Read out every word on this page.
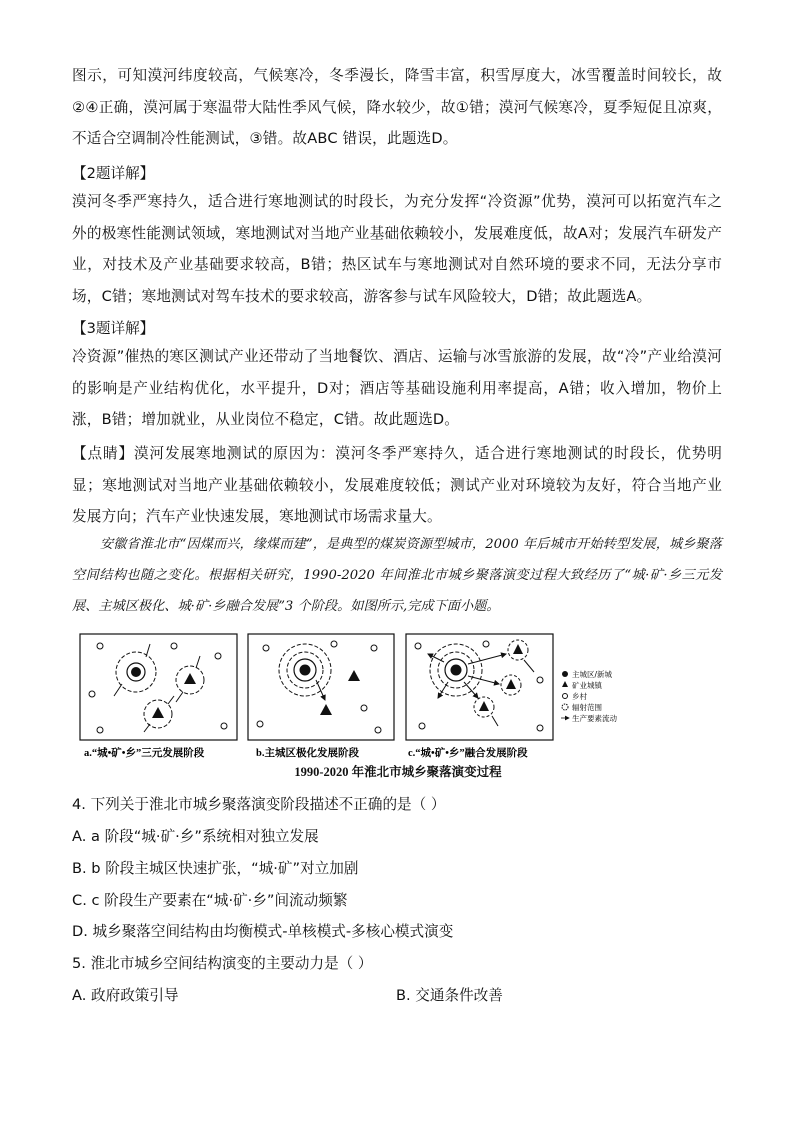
图示，可知漠河纬度较高，气候寒冷，冬季漫长，降雪丰富，积雪厚度大，冰雪覆盖时间较长，故②④正确，漠河属于寒温带大陆性季风气候，降水较少，故①错；漠河气候寒冷，夏季短促且凉爽，不适合空调制冷性能测试，③错。故ABC 错误，此题选D。

【2题详解】

漠河冬季严寒持久，适合进行寒地测试的时段长，为充分发挥“冷资源”优势，漠河可以拓宽汽车之外的极寒性能测试领域，寒地测试对当地产业基础依赖较小，发展难度低，故A对；发展汽车研发产业，对技术及产业基础要求较高，B错；热区试车与寒地测试对自然环境的要求不同，无法分享市场，C错；寒地测试对驾车技术的要求较高，游客参与试车风险较大，D错；故此题选A。

【3题详解】

冷资源”催热的寒区测试产业还带动了当地餐饮、酒店、运输与冰雪旅游的发展，故“冷”产业给漠河的影响是产业结构优化，水平提升，D对；酒店等基础设施利用率提高，A错；收入增加，物价上涨，B错；增加就业，从业岗位不稳定，C错。故此题选D。

【点睛】漠河发展寒地测试的原因为：漠河冬季严寒持久，适合进行寒地测试的时段长，优势明显；寒地测试对当地产业基础依赖较小，发展难度较低；测试产业对环境较为友好，符合当地产业发展方向；汽车产业快速发展，寒地测试市场需求量大。

安徽省淮北市“因煤而兴，缘煤而建”，是典型的煤炭资源型城市，2000 年后城市开始转型发展，城乡聚落空间结构也随之变化。根据相关研究，1990-2020 年间淮北市城乡聚落演变过程大致经历了“城·矿·乡三元发展、主城区极化、城·矿·乡融合发展”3 个阶段。如图所示,完成下面小题。

主城区/新城
矿业城镇
乡村
辐射范围
生产要素流动
a.“城•矿•乡”三元发展阶段	b.主城区极化发展阶段	c.“城•矿•乡”融合发展阶段

1990-2020 年淮北市城乡聚落演变过程

4. 下列关于淮北市城乡聚落演变阶段描述不正确的是（ ）

A. a 阶段“城·矿·乡”系统相对独立发展

B. b 阶段主城区快速扩张，“城·矿”对立加剧

C. c 阶段生产要素在“城·矿·乡”间流动频繁

D. 城乡聚落空间结构由均衡模式-单核模式-多核心模式演变

5. 淮北市城乡空间结构演变的主要动力是（ ）

A. 政府政策引导	B. 交通条件改善
